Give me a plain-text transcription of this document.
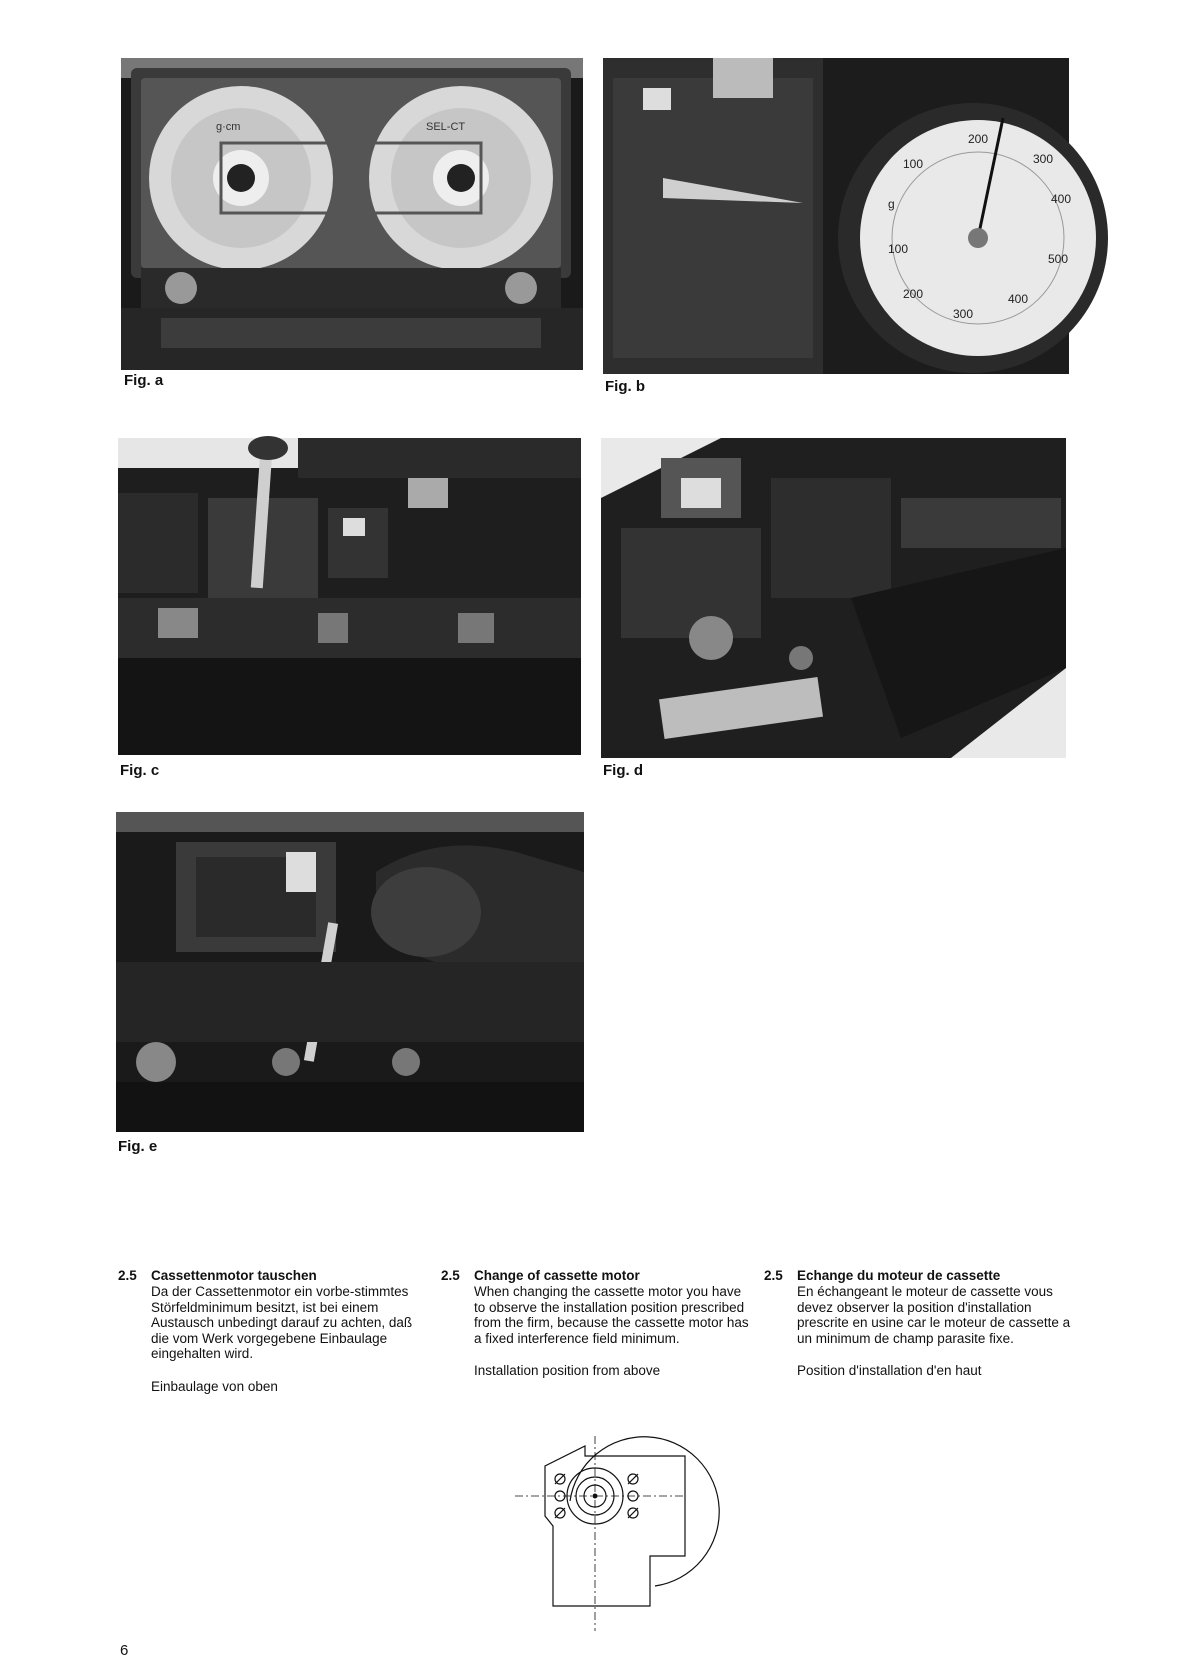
g·cm	SEL-CT
Fig. a
200
100
g
100
200
300
400
500
300
400
Fig. b
Fig. c	Fig. d
Fig. e
2.5	Cassettenmotor tauschen
Da der Cassettenmotor ein vorbe-stimmtes Störfeldminimum besitzt, ist bei einem Austausch unbedingt darauf zu achten, daß die vom Werk vorgegebene Einbaulage eingehalten wird.
Einbaulage von oben
2.5	Change of cassette motor
When changing the cassette motor you have to observe the installation position prescribed from the firm, because the cassette motor has a fixed interference field minimum.
Installation position from above
2.5	Echange du moteur de cassette
En échangeant le moteur de cassette vous devez observer la position d'installation prescrite en usine car le moteur de cassette a un minimum de champ parasite fixe.
Position d'installation d'en haut
6
